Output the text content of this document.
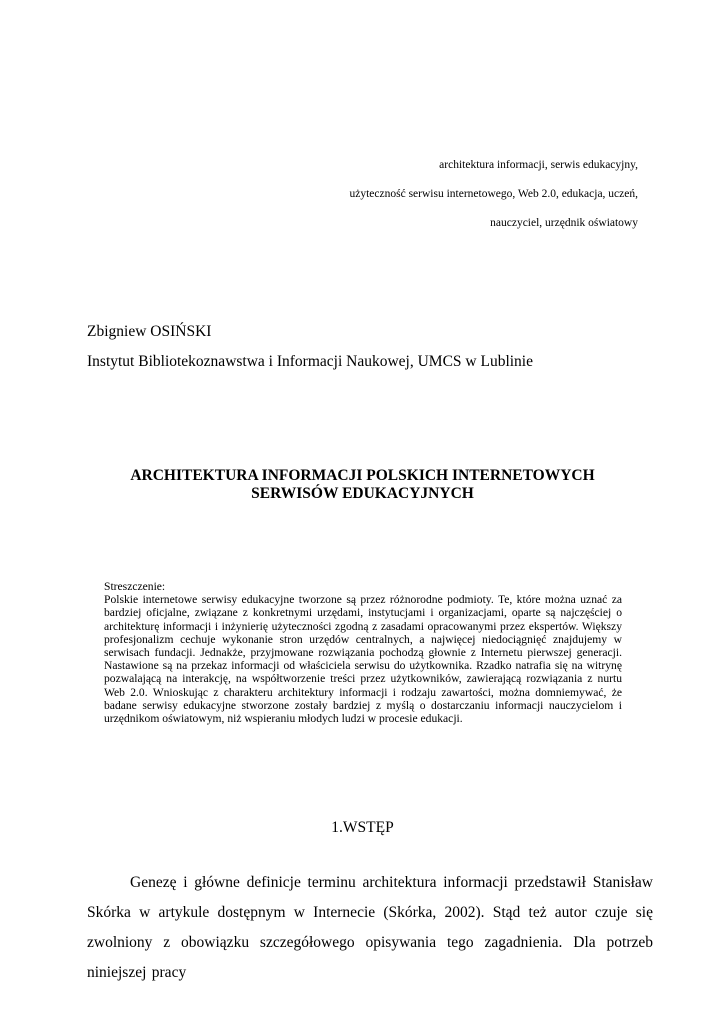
architektura informacji, serwis edukacyjny,
użyteczność serwisu internetowego, Web 2.0, edukacja, uczeń,
nauczyciel, urzędnik oświatowy
Zbigniew OSIŃSKI
Instytut Bibliotekoznawstwa i Informacji Naukowej, UMCS w Lublinie
ARCHITEKTURA INFORMACJI POLSKICH INTERNETOWYCH
SERWISÓW EDUKACYJNYCH
Streszczenie:
Polskie internetowe serwisy edukacyjne tworzone są przez różnorodne podmioty. Te, które można uznać za bardziej oficjalne, związane z konkretnymi urzędami, instytucjami i organizacjami, oparte są najczęściej o architekturę informacji i inżynierię użyteczności zgodną z zasadami opracowanymi przez ekspertów. Większy profesjonalizm cechuje wykonanie stron urzędów centralnych, a najwięcej niedociągnięć znajdujemy w serwisach fundacji. Jednakże, przyjmowane rozwiązania pochodzą głownie z Internetu pierwszej generacji. Nastawione są na przekaz informacji od właściciela serwisu do użytkownika. Rzadko natrafia się na witrynę pozwalającą na interakcję, na współtworzenie treści przez użytkowników, zawierającą rozwiązania z nurtu Web 2.0. Wnioskując z charakteru architektury informacji i rodzaju zawartości, można domniemywać, że badane serwisy edukacyjne stworzone zostały bardziej z myślą o dostarczaniu informacji nauczycielom i urzędnikom oświatowym, niż wspieraniu młodych ludzi w procesie edukacji.
1.WSTĘP
Genezę i główne definicje terminu architektura informacji przedstawił Stanisław Skórka w artykule dostępnym w Internecie (Skórka, 2002). Stąd też autor czuje się zwolniony z obowiązku szczegółowego opisywania tego zagadnienia. Dla potrzeb niniejszej pracy
